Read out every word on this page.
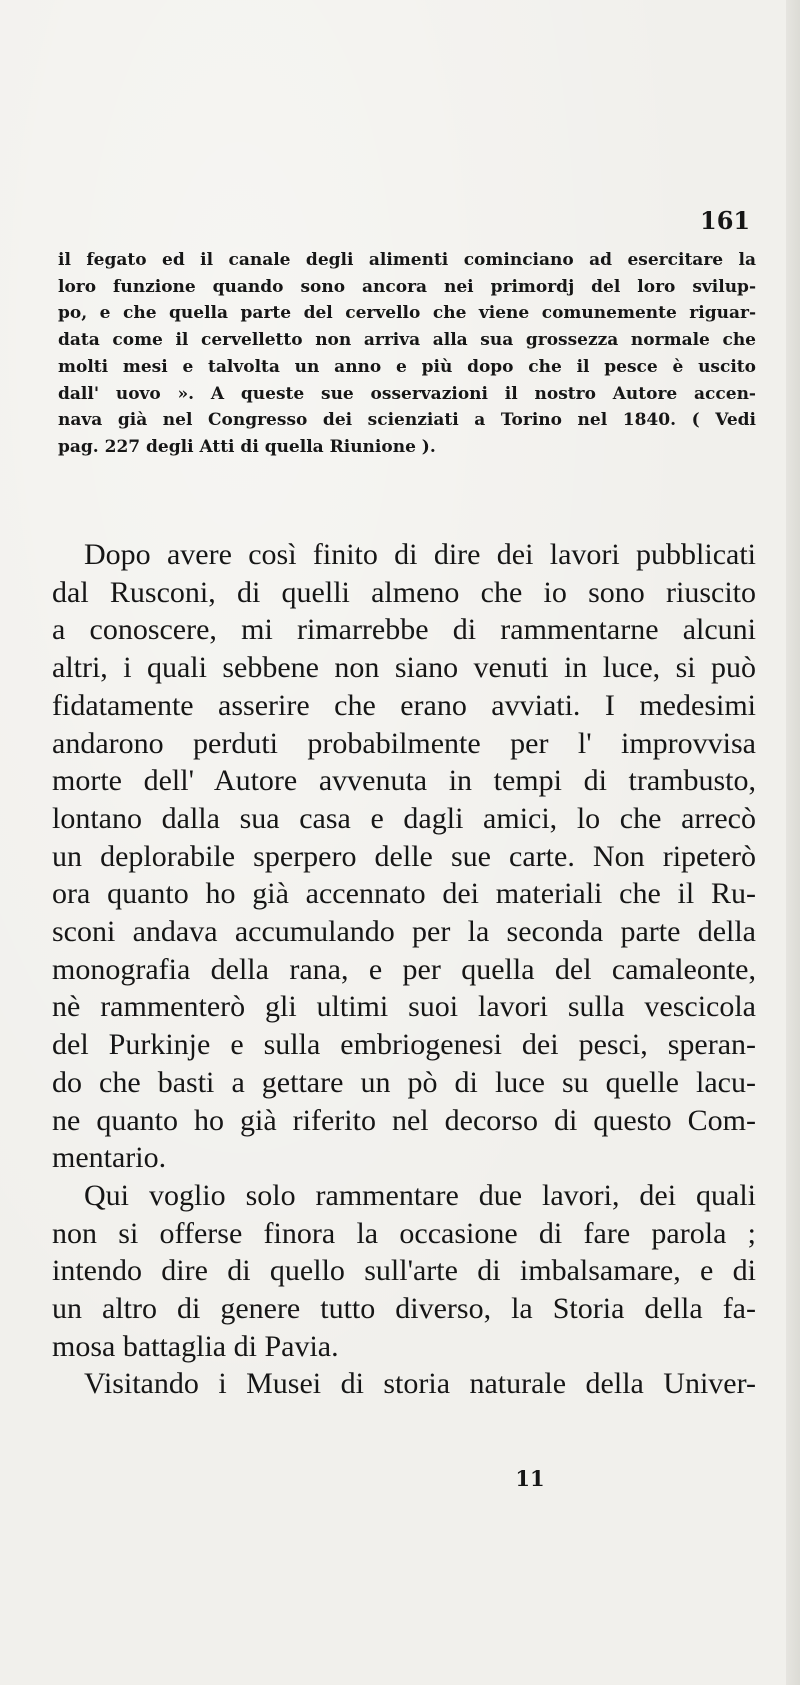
161
il fegato ed il canale degli alimenti cominciano ad esercitare la
loro funzione quando sono ancora nei primordj del loro svilup-
po, e che quella parte del cervello che viene comunemente riguar-
data come il cervelletto non arriva alla sua grossezza normale che
molti mesi e talvolta un anno e più dopo che il pesce è uscito
dall' uovo ». A queste sue osservazioni il nostro Autore accen-
nava già nel Congresso dei scienziati a Torino nel 1840. ( Vedi
pag. 227 degli Atti di quella Riunione ).
Dopo avere così finito di dire dei lavori pubblicati
dal Rusconi, di quelli almeno che io sono riuscito
a conoscere, mi rimarrebbe di rammentarne alcuni
altri, i quali sebbene non siano venuti in luce, si può
fidatamente asserire che erano avviati. I medesimi
andarono perduti probabilmente per l' improvvisa
morte dell' Autore avvenuta in tempi di trambusto,
lontano dalla sua casa e dagli amici, lo che arrecò
un deplorabile sperpero delle sue carte. Non ripeterò
ora quanto ho già accennato dei materiali che il Ru-
sconi andava accumulando per la seconda parte della
monografia della rana, e per quella del camaleonte,
nè rammenterò gli ultimi suoi lavori sulla vescicola
del Purkinje e sulla embriogenesi dei pesci, speran-
do che basti a gettare un pò di luce su quelle lacu-
ne quanto ho già riferito nel decorso di questo Com-
mentario.
Qui voglio solo rammentare due lavori, dei quali
non si offerse finora la occasione di fare parola ;
intendo dire di quello sull'arte di imbalsamare, e di
un altro di genere tutto diverso, la Storia della fa-
mosa battaglia di Pavia.
Visitando i Musei di storia naturale della Univer-
11
